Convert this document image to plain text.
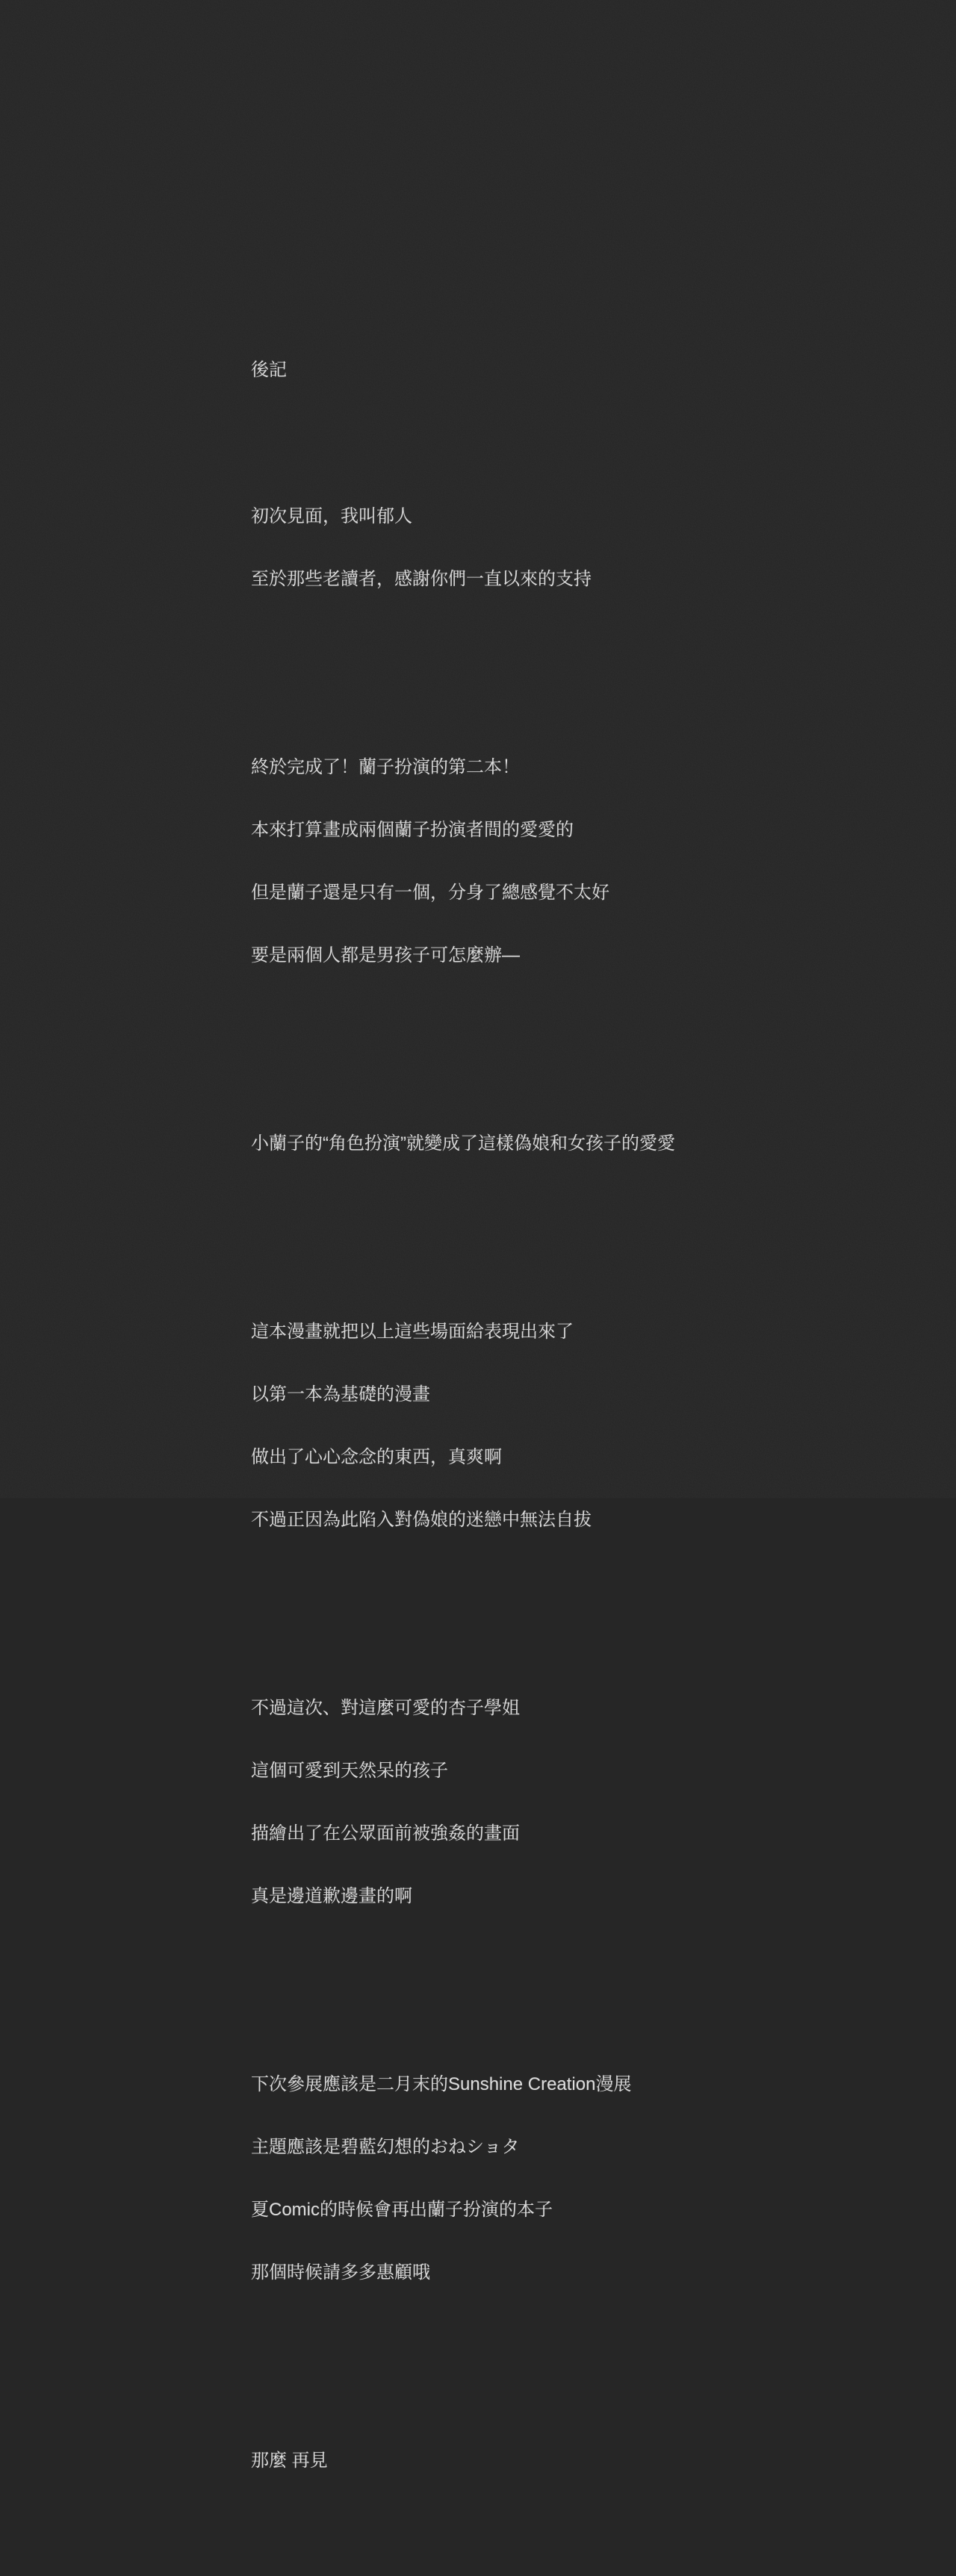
後記

初次見面，我叫郁人

至於那些老讀者，感謝你們一直以來的支持

終於完成了！蘭子扮演的第二本！

本來打算畫成兩個蘭子扮演者間的愛愛的

但是蘭子還是只有一個，分身了總感覺不太好

要是兩個人都是男孩子可怎麼辦—

小蘭子的“角色扮演”就變成了這樣偽娘和女孩子的愛愛

這本漫畫就把以上這些場面給表現出來了

以第一本為基礎的漫畫

做出了心心念念的東西，真爽啊

不過正因為此陷入對偽娘的迷戀中無法自拔

不過這次、對這麼可愛的杏子學姐

這個可愛到天然呆的孩子

描繪出了在公眾面前被強姦的畫面

真是邊道歉邊畫的啊

下次參展應該是二月末的Sunshine Creation漫展

主題應該是碧藍幻想的おねショタ

夏Comic的時候會再出蘭子扮演的本子

那個時候請多多惠顧哦

那麼 再見
